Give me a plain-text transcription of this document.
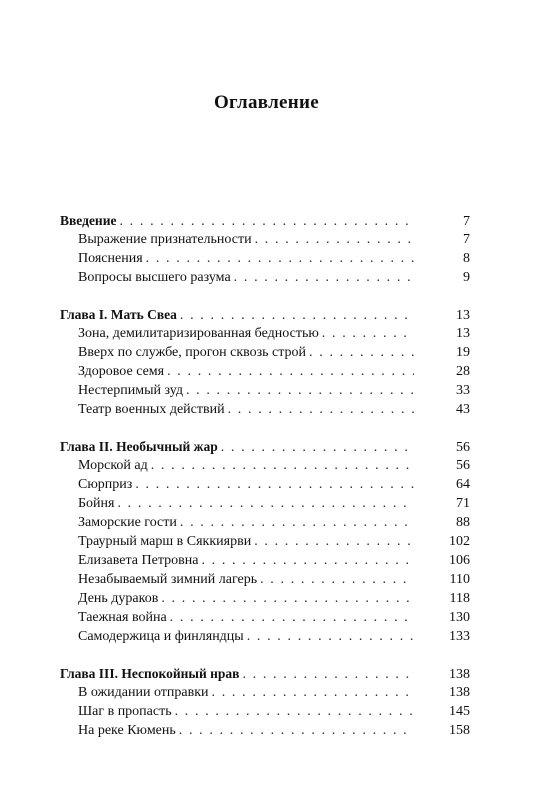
Оглавление
Введение . . .	7
Выражение признательности . . .	7
Пояснения . . .	8
Вопросы высшего разума . . .	9
Глава I. Мать Свеа . . .	13
Зона, демилитаризированная бедностью . . .	13
Вверх по службе, прогон сквозь строй . . .	19
Здоровое семя . . .	28
Нестерпимый зуд . . .	33
Театр военных действий . . .	43
Глава II. Необычный жар . . .	56
Морской ад . . .	56
Сюрприз . . .	64
Бойня . . .	71
Заморские гости . . .	88
Траурный марш в Сяккиярви . . .	102
Елизавета Петровна . . .	106
Незабываемый зимний лагерь . . .	110
День дураков . . .	118
Таежная война . . .	130
Самодержица и финляндцы . . .	133
Глава III. Неспокойный нрав . . .	138
В ожидании отправки . . .	138
Шаг в пропасть . . .	145
На реке Кюмень . . .	158
